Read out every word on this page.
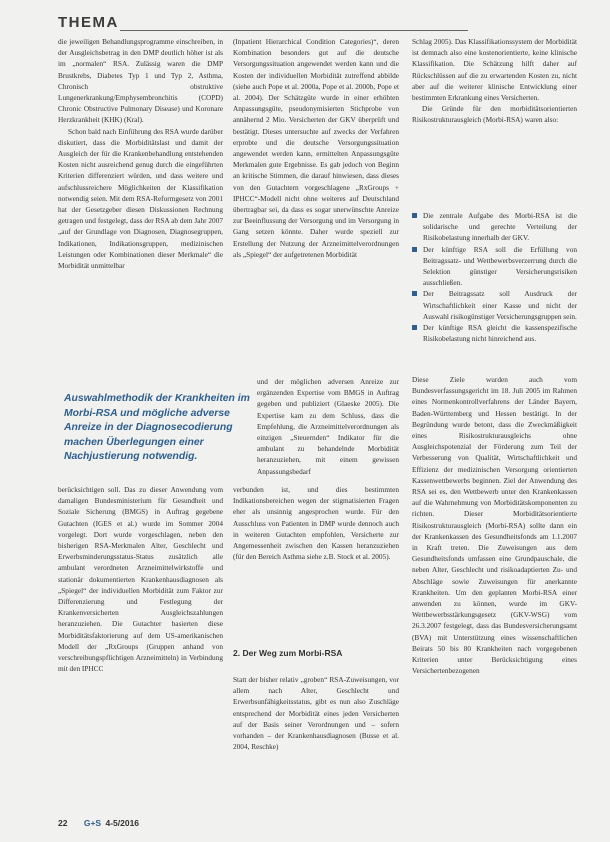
THEMA

die jeweiligen Behandlungsprogramme einschreiben, in der Ausgleichsbetrag in den DMP deutlich höher ist als im „normalen“ RSA. Zulässig waren die DMP Brustkrebs, Diabetes Typ 1 und Typ 2, Asthma, Chronisch obstruktive Lungenerkrankung/Emphysembronchitis (COPD) Chronic Obstructive Pulmonary Disease) und Koronare Herzkrankheit (KHK) (Kral).

Schon bald nach Einführung des RSA wurde darüber diskutiert, dass die Morbiditätslast und damit der Ausgleich der für die Krankenbehandlung entstehenden Kosten nicht ausreichend genug durch die eingeführten Kriterien differenziert würden, und dass weitere und aufschlussreichere Möglichkeiten der Klassifikation notwendig seien. Mit dem RSA-Reformgesetz von 2001 hat der Gesetzgeber diesen Diskussionen Rechnung getragen und festgelegt, dass der RSA ab dem Jahr 2007 „auf der Grundlage von Diagnosen, Diagnosegruppen, Indikationen, Indikationsgruppen, medizinischen Leistungen oder Kombinationen dieser Merkmale“ die Morbidität unmittelbar

Auswahlmethodik der Krankheiten im Morbi-RSA und mögliche adverse Anreize in der Diagnosecodierung machen Überlegungen einer Nachjustierung notwendig.

berücksichtigen soll. Das zu dieser Anwendung vom damaligen Bundesministerium für Gesundheit und Soziale Sicherung (BMGS) in Auftrag gegebene Gutachten (IGES et al.) wurde im Sommer 2004 vorgelegt. Dort wurde vorgeschlagen, neben den bisherigen RSA-Merkmalen Alter, Geschlecht und Erwerbsminderungsstatus-Status zusätzlich alle ambulant verordneten Arzneimittelwirkstoffe und stationär dokumentierten Krankenhausdiagnosen als „Spiegel“ der individuellen Morbidität zum Faktor zur Differenzierung und Festlegung der Krankenversicherten Ausgleichszahlungen heranzuziehen. Die Gutachter basierten diese Morbiditätsfaktorierung auf dem US-amerikanischen Modell der „RxGroups (Gruppen anhand von verschreibungspflichtigen Arzneimitteln) in Verbindung mit den IPHCC

(Inpatient Hierarchical Condition Categories)“, deren Kombination besonders gut auf die deutsche Versorgungssituation angewendet werden kann und die Kosten der individuellen Morbidität zutreffend abbilde (siehe auch Pope et al. 2000a, Pope et al. 2000b, Pope et al. 2004). Der Schätzgüte wurde in einer erhöhten Anpassungsgüte, pseudonymisierten Stichprobe von annähernd 2 Mio. Versicherten der GKV überprüft und bestätigt. Dieses untersuchte auf zwecks der Verfahren erprobte und die deutsche Versorgungssituation angewendet werden kann, ermittelten Anpassungsgüte Merkmalen gute Ergebnisse. Es gab jedoch von Beginn an kritische Stimmen, die darauf hinwiesen, dass dieses von den Gutachtern vorgeschlagene „RxGroups + IPHCC“-Modell nicht ohne weiteres auf Deutschland übertragbar sei, da dass es sogar unerwünschte Anreize zur Beeinflussung der Versorgung und im Versorgung in Gang setzen könnte. Daher wurde speziell zur Erstellung der Nutzung der Arzneimittelverordnungen als „Spiegel“ der aufgetretenen Morbidität

und der möglichen adversen Anreize zur ergänzenden Expertise vom BMGS in Auftrag gegeben und publiziert (Glaeske 2005). Die Expertise kam zu dem Schluss, dass die Empfehlung, die Arzneimittelverordnungen als einzigen „Steuernden“ Indikator für die ambulant zu behandelnde Morbidität heranzuziehen, mit einem gewissen Anpassungsbedarf

verbunden ist, und dies bestimmten Indikationsbereichen wegen der stigmatisierten Fragen eher als unsinnig angesprochen wurde. Für den Ausschluss von Patienten in DMP wurde dennoch auch in weiteren Gutachten empfohlen, Versicherte zur Angemessenheit zwischen den Kassen heranzuziehen (für den Bereich Asthma siehe z.B. Stock et al. 2005).

2. Der Weg zum Morbi-RSA

Statt der bisher relativ „groben“ RSA-Zuweisungen, vor allem nach Alter, Geschlecht und Erwerbsunfähigkeitsstatus, gibt es nun also Zuschläge entsprechend der Morbidität eines jeden Versicherten auf der Basis seiner Verordnungen und – sofern vorhanden – der Krankenhausdiagnosen (Busse et al. 2004, Reschke)

Schlag 2005). Das Klassifikationssystem der Morbidität ist demnach also eine kostenorientierte, keine klinische Klassifikation. Die Schätzung hilft daher auf Rückschlüssen auf die zu erwartenden Kosten zu, nicht aber auf die weiterer klinische Entwicklung einer bestimmten Erkrankung eines Versicherten.

Die Gründe für den morbiditätsorientierten Risikostrukturausgleich (Morbi-RSA) waren also:

Die zentrale Aufgabe des Morbi-RSA ist die solidarische und gerechte Verteilung der Risikobelastung innerhalb der GKV.
Der künftige RSA soll die Erfüllung von Beitragssatz- und Wettbewerbsverzerrung durch die Selektion günstiger Versicherungsrisiken ausschließen.
Der Beitragssatz soll Ausdruck der Wirtschaftlichkeit einer Kasse und nicht der Auswahl risikogünstiger Versicherungsgruppen sein.
Der künftige RSA gleicht die kassenspezifische Risikobelastung nicht hinreichend aus.

Diese Ziele wurden auch vom Bundesverfassungsgericht im 18. Juli 2005 im Rahmen eines Normenkontrollverfahrens der Länder Bayern, Baden-Württemberg und Hessen bestätigt. In der Begründung wurde betont, dass die Zweckmäßigkeit eines Risikostrukturausgleichs ohne Ausgleichspotenzial der Förderung zum Teil der Verbesserung von Qualität, Wirtschaftlichkeit und Effizienz der medizinischen Versorgung orientierten Kassenwettbewerbs beginnen. Ziel der Anwendung des RSA sei es, den Wettbewerb unter den Krankenkassen auf die Wahrnehmung von Morbiditätskomponenten zu richten. Dieser Morbiditätsorientierte Risikostrukturausgleich (Morbi-RSA) sollte dann ein der Krankenkassen des Gesundheitsfonds am 1.1.2007 in Kraft treten. Die Zuweisungen aus dem Gesundheitsfonds umfassen eine Grundpauschale, die neben Alter, Geschlecht und risikoadaptierten Zu- und Abschläge sowie Zuweisungen für anerkannte Krankheiten. Um den geplanten Morbi-RSA einer anwenden zu können, wurde im GKV-Wettbewerbsstärkungsgesetz (GKV-WSG) vom 26.3.2007 festgelegt, dass das Bundesversicherungsamt (BVA) mit Unterstützung eines wissenschaftlichen Beirats 50 bis 80 Krankheiten nach vorgegebenen Kriterien unter Berücksichtigung eines Versichertenbezogenen

22 G+S 4-5/2016
